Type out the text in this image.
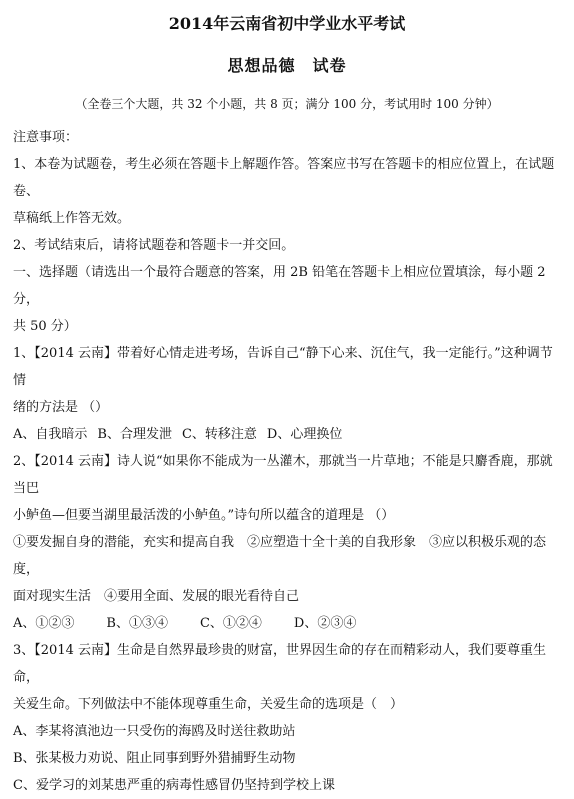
2014年云南省初中学业水平考试
思想品德　试卷
（全卷三个大题，共 32 个小题，共 8 页；满分 100 分，考试用时 100 分钟）

注意事项：

1、本卷为试题卷，考生必须在答题卡上解题作答。答案应书写在答题卡的相应位置上，在试题卷、

草稿纸上作答无效。

2、考试结束后，请将试题卷和答题卡一并交回。

一、选择题（请选出一个最符合题意的答案，用 2B 铅笔在答题卡上相应位置填涂，每小题 2 分，

共 50 分）

1、【2014 云南】带着好心情走进考场，告诉自己“静下心来、沉住气，我一定能行。”这种调节情

绪的方法是 （）

A、自我暗示 B、合理发泄 C、转移注意 D、心理换位

2、【2014 云南】诗人说“如果你不能成为一丛灌木，那就当一片草地；不能是只麝香鹿，那就当巴

小鲈鱼—但要当湖里最活泼的小鲈鱼。”诗句所以蕴含的道理是 （）

①要发掘自身的潜能，充实和提高自我　②应塑造十全十美的自我形象　③应以积极乐观的态度，

面对现实生活　④要用全面、发展的眼光看待自己

A、①②③ B、①③④ C、①②④ D、②③④

3、【2014 云南】生命是自然界最珍贵的财富，世界因生命的存在而精彩动人，我们要尊重生命，

关爱生命。下列做法中不能体现尊重生命，关爱生命的选项是（　）

A、李某将滇池边一只受伤的海鸥及时送往救助站

B、张某极力劝说、阻止同事到野外猎捕野生动物

C、爱学习的刘某患严重的病毒性感冒仍坚持到学校上课
